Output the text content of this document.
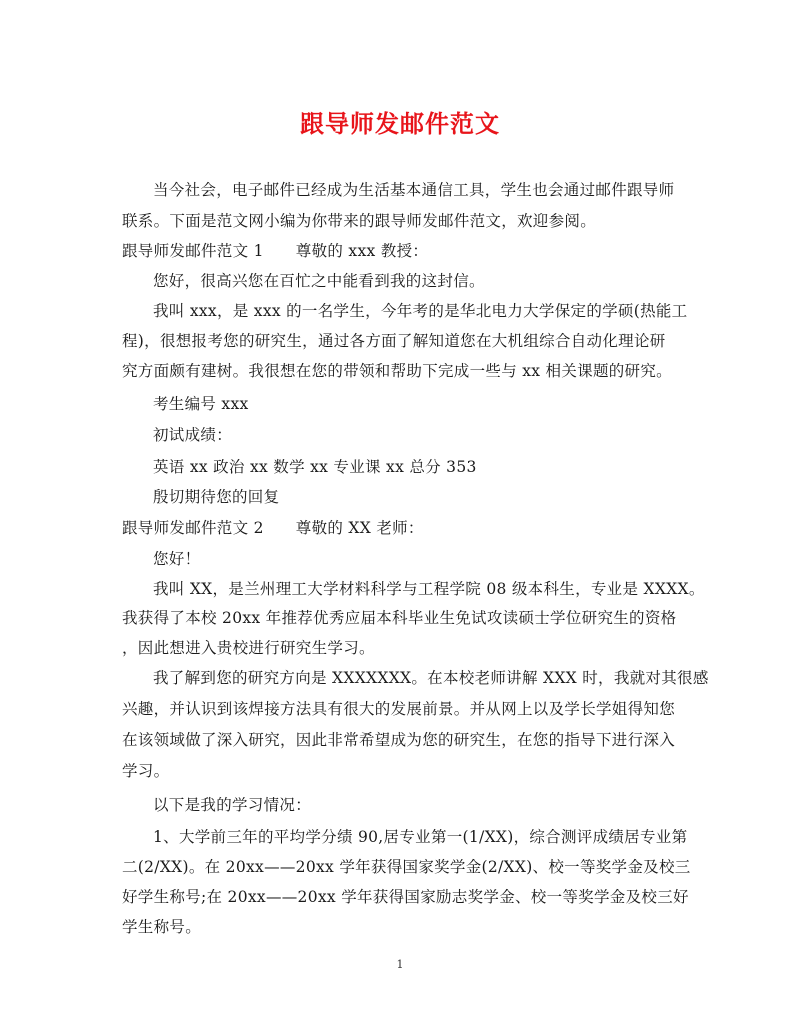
跟导师发邮件范文
当今社会，电子邮件已经成为生活基本通信工具，学生也会通过邮件跟导师
联系。下面是范文网小编为你带来的跟导师发邮件范文，欢迎参阅。
跟导师发邮件范文 1 尊敬的 xxx 教授：
您好，很高兴您在百忙之中能看到我的这封信。
我叫 xxx，是 xxx 的一名学生，今年考的是华北电力大学保定的学硕(热能工
程)，很想报考您的研究生，通过各方面了解知道您在大机组综合自动化理论研
究方面颇有建树。我很想在您的带领和帮助下完成一些与 xx 相关课题的研究。
考生编号 xxx
初试成绩：
英语 xx 政治 xx 数学 xx 专业课 xx 总分 353
殷切期待您的回复
跟导师发邮件范文 2 尊敬的 XX 老师：
您好！
我叫 XX，是兰州理工大学材料科学与工程学院 08 级本科生，专业是 XXXX。
我获得了本校 20xx 年推荐优秀应届本科毕业生免试攻读硕士学位研究生的资格
，因此想进入贵校进行研究生学习。
我了解到您的研究方向是 XXXXXXX。在本校老师讲解 XXX 时，我就对其很感
兴趣，并认识到该焊接方法具有很大的发展前景。并从网上以及学长学姐得知您
在该领域做了深入研究，因此非常希望成为您的研究生，在您的指导下进行深入
学习。
以下是我的学习情况：
1、大学前三年的平均学分绩 90,居专业第一(1/XX)，综合测评成绩居专业第
二(2/XX)。在 20xx——20xx 学年获得国家奖学金(2/XX)、校一等奖学金及校三
好学生称号;在 20xx——20xx 学年获得国家励志奖学金、校一等奖学金及校三好
学生称号。
1
